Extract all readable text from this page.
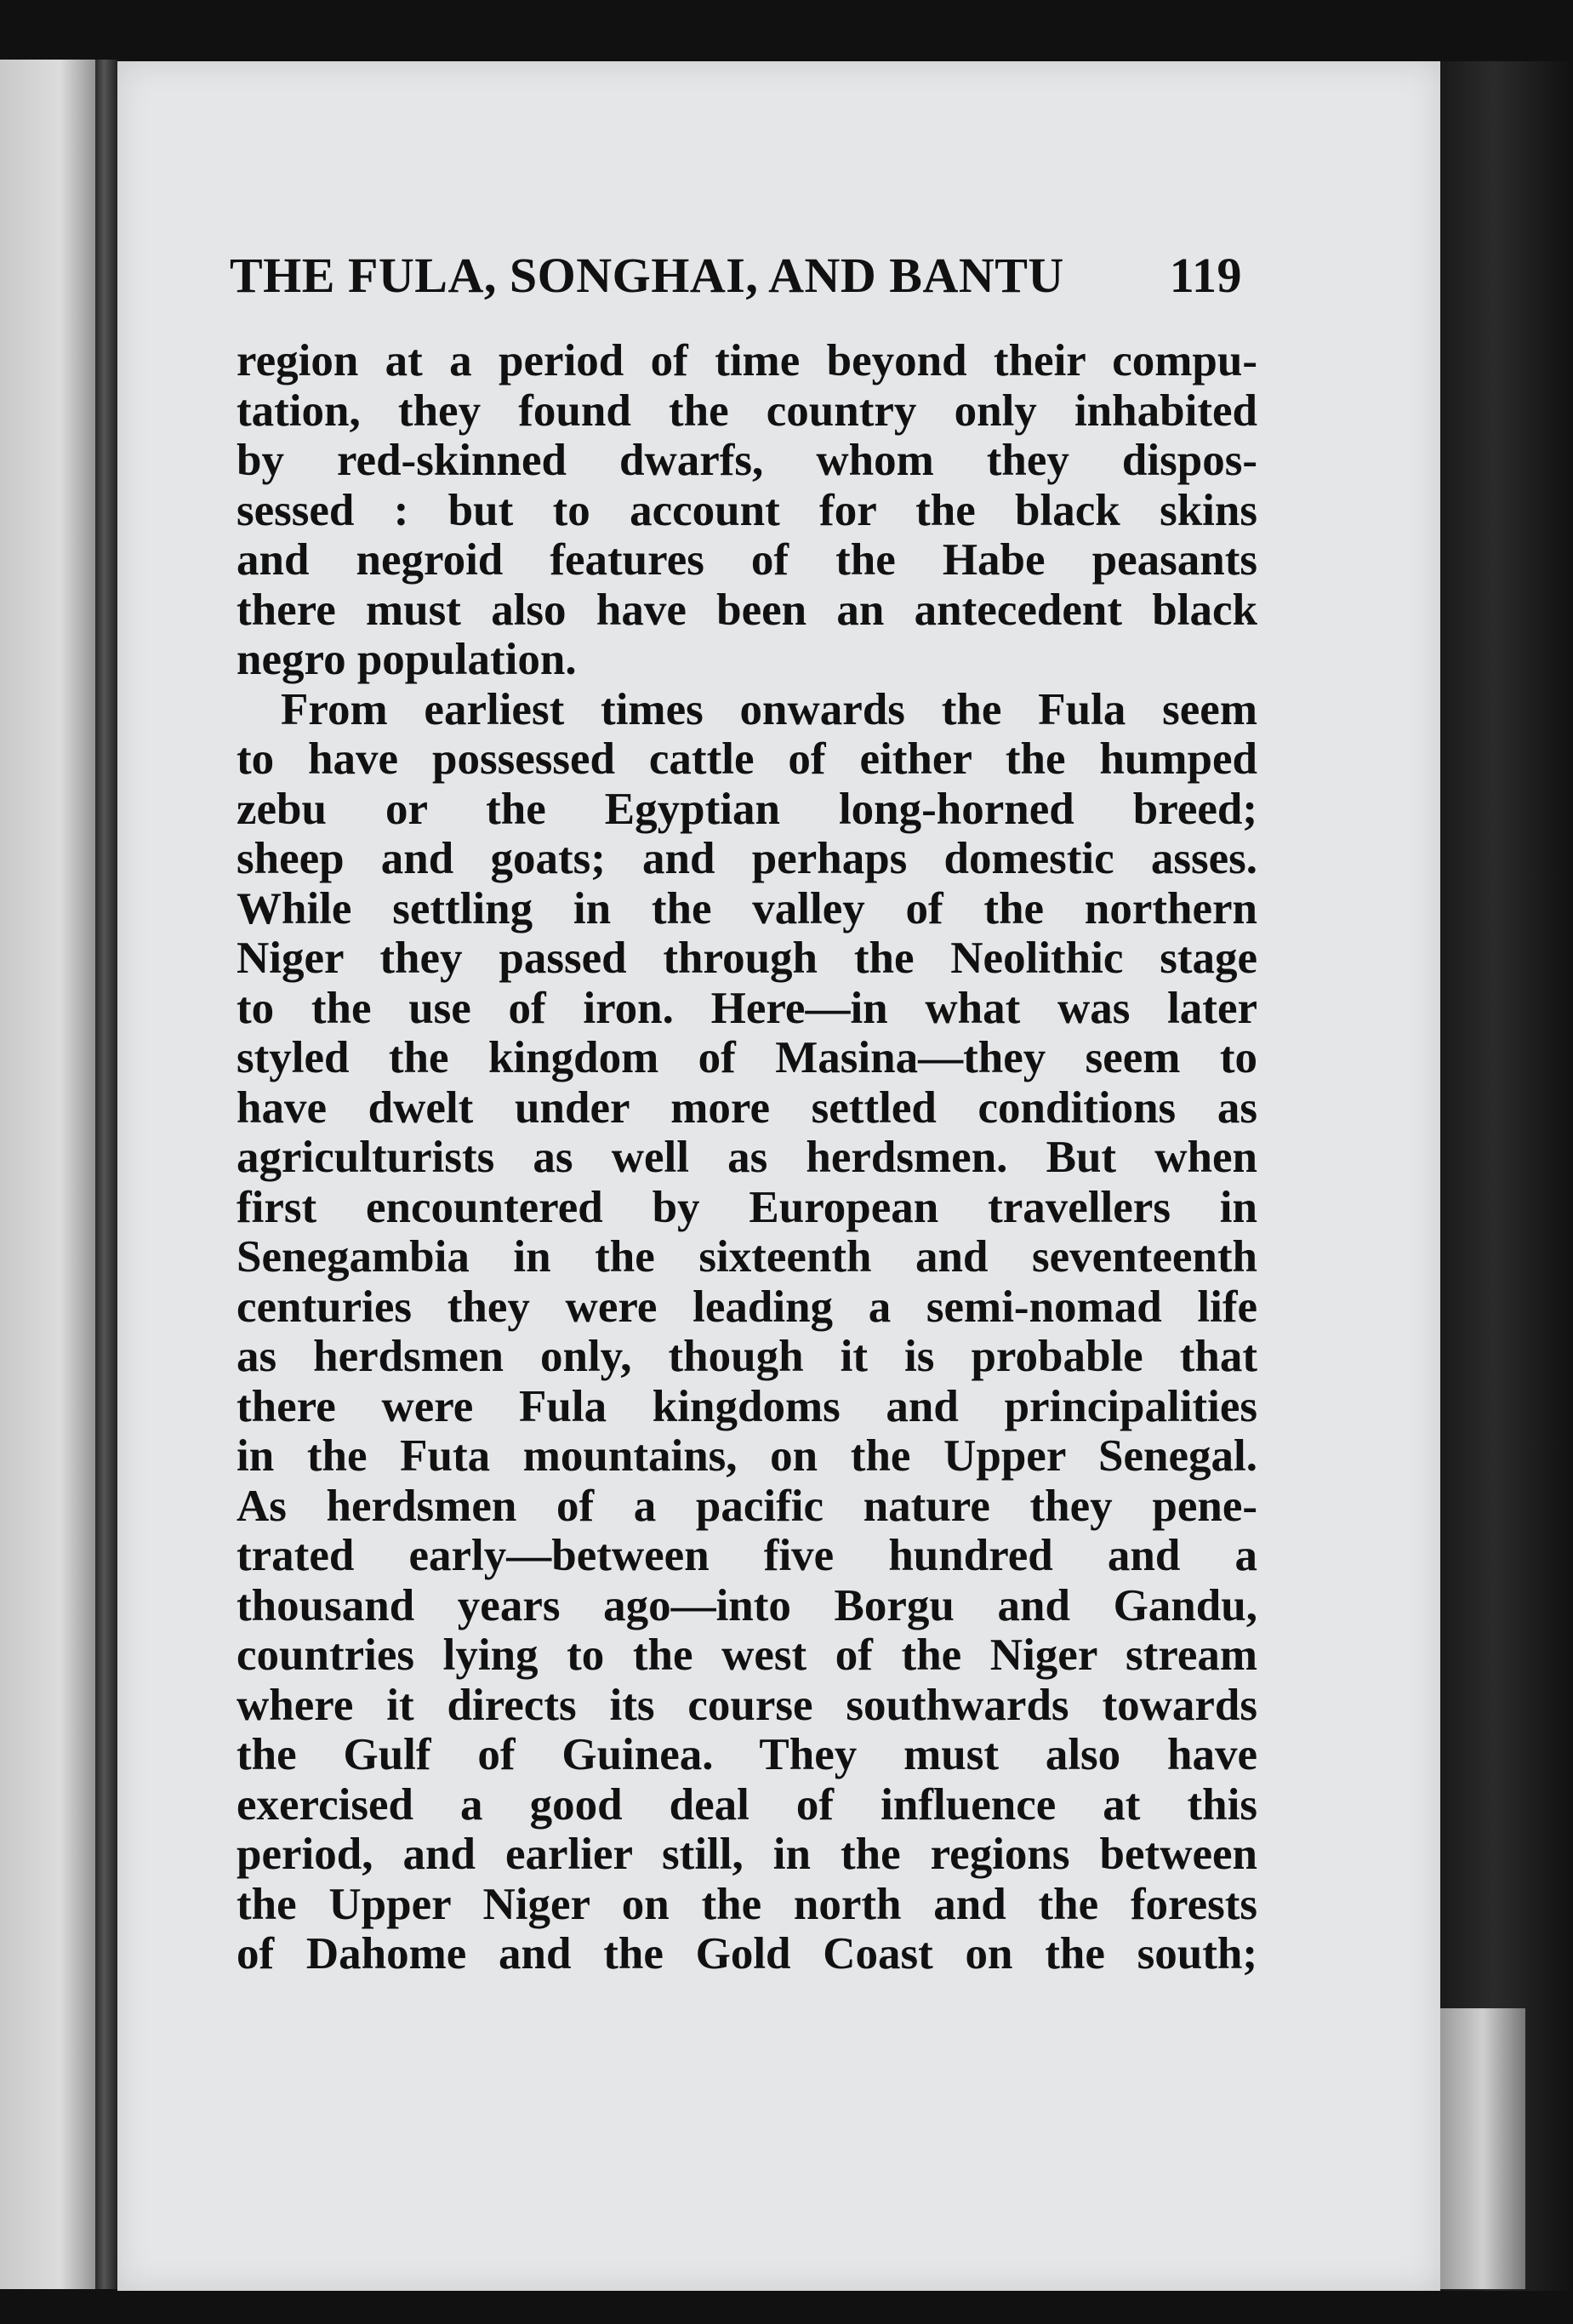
THE FULA, SONGHAI, AND BANTU 119
region at a period of time beyond their compu-
tation, they found the country only inhabited
by red-skinned dwarfs, whom they dispos-
sessed : but to account for the black skins
and negroid features of the Habe peasants
there must also have been an antecedent black
negro population.
From earliest times onwards the Fula seem
to have possessed cattle of either the humped
zebu or the Egyptian long-horned breed;
sheep and goats; and perhaps domestic asses.
While settling in the valley of the northern
Niger they passed through the Neolithic stage
to the use of iron. Here—in what was later
styled the kingdom of Masina—they seem to
have dwelt under more settled conditions as
agriculturists as well as herdsmen. But when
first encountered by European travellers in
Senegambia in the sixteenth and seventeenth
centuries they were leading a semi-nomad life
as herdsmen only, though it is probable that
there were Fula kingdoms and principalities
in the Futa mountains, on the Upper Senegal.
As herdsmen of a pacific nature they pene-
trated early—between five hundred and a
thousand years ago—into Borgu and Gandu,
countries lying to the west of the Niger stream
where it directs its course southwards towards
the Gulf of Guinea. They must also have
exercised a good deal of influence at this
period, and earlier still, in the regions between
the Upper Niger on the north and the forests
of Dahome and the Gold Coast on the south;
